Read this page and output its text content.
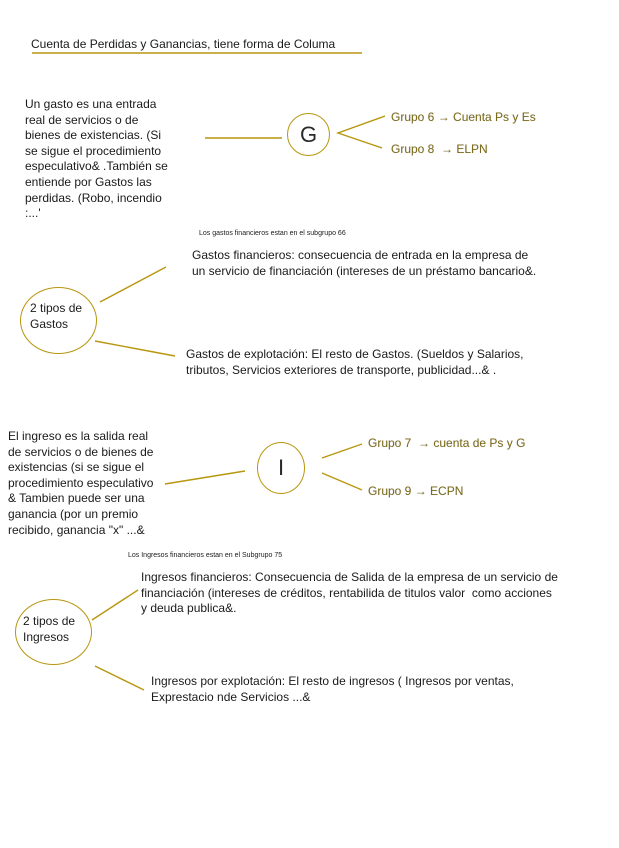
Cuenta de Perdidas y Ganancias, tiene forma de Columa
Un gasto es una entrada
real de servicios o de
bienes de existencias. (Si
se sigue el procedimiento
especulativo& .También se
entiende por Gastos las
perdidas. (Robo, incendio
:...'
G
Grupo 6 → Cuenta Ps y Es
Grupo 8  → ELPN
Los gastos financieros estan en el subgrupo 66
2 tipos de Gastos
Gastos financieros: consecuencia de entrada en la empresa de
un servicio de financiación (intereses de un préstamo bancario&.
Gastos de explotación: El resto de Gastos. (Sueldos y Salarios,
tributos, Servicios exteriores de transporte, publicidad...& .
El ingreso es la salida real
de servicios o de bienes de
existencias (si se sigue el
procedimiento especulativo
& Tambien puede ser una
ganancia (por un premio
recibido, ganancia "x" ...&
I
Grupo 7  → cuenta de Ps y G
Grupo 9 → ECPN
Los Ingresos financieros estan en el Subgrupo 75
2 tipos de Ingresos
Ingresos financieros: Consecuencia de Salida de la empresa de un servicio de
financiación (intereses de créditos, rentabilida de titulos valor  como acciones
y deuda publica&.
Ingresos por explotación: El resto de ingresos ( Ingresos por ventas,
Exprestacio nde Servicios ...&
